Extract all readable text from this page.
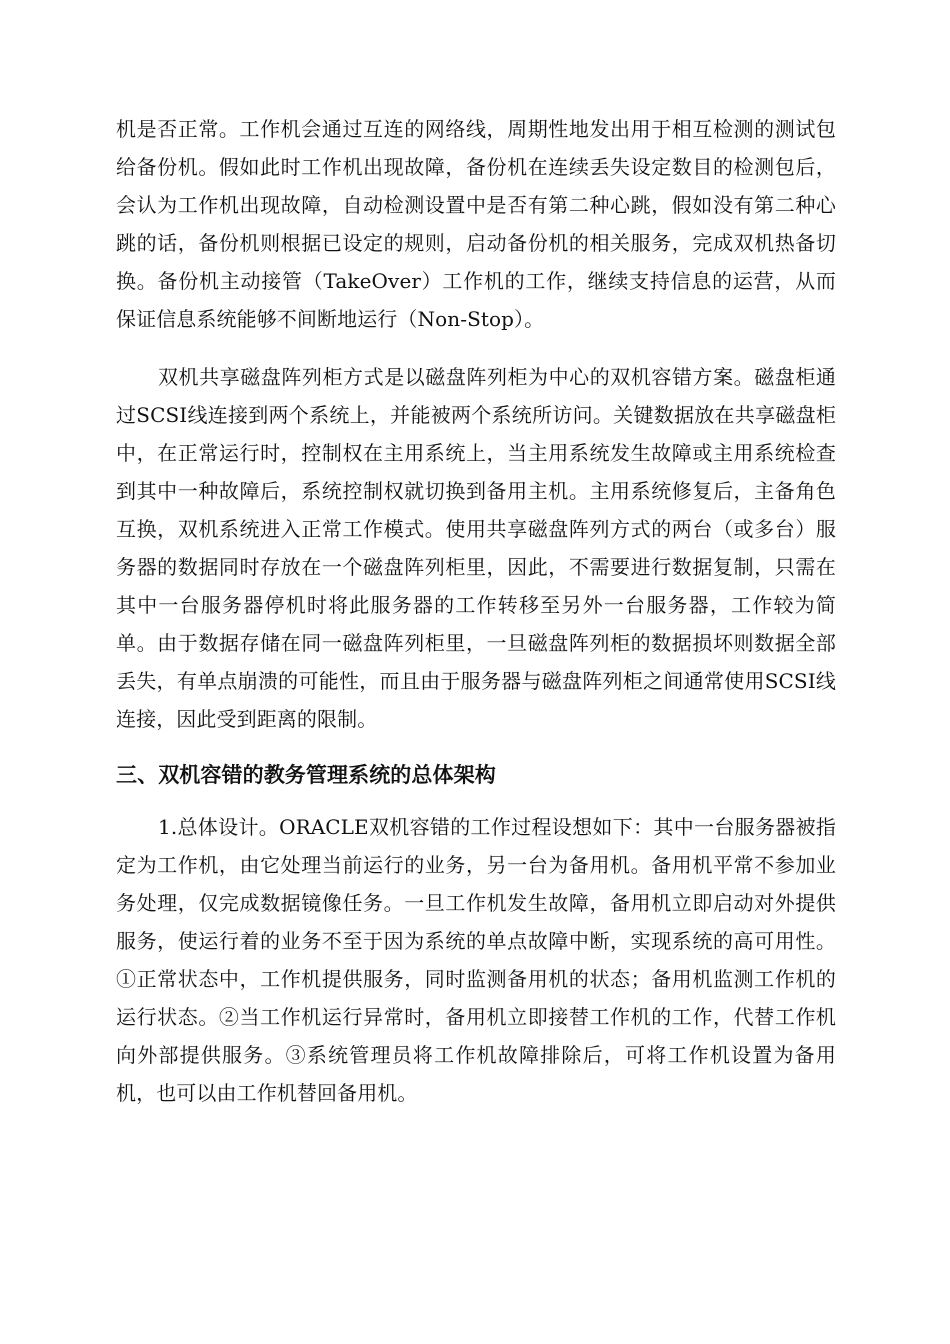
机是否正常。工作机会通过互连的网络线，周期性地发出用于相互检测的测试包给备份机。假如此时工作机出现故障，备份机在连续丢失设定数目的检测包后，会认为工作机出现故障，自动检测设置中是否有第二种心跳，假如没有第二种心跳的话，备份机则根据已设定的规则，启动备份机的相关服务，完成双机热备切换。备份机主动接管（TakeOver）工作机的工作，继续支持信息的运营，从而保证信息系统能够不间断地运行（Non-Stop）。

双机共享磁盘阵列柜方式是以磁盘阵列柜为中心的双机容错方案。磁盘柜通过SCSI线连接到两个系统上，并能被两个系统所访问。关键数据放在共享磁盘柜中，在正常运行时，控制权在主用系统上，当主用系统发生故障或主用系统检查到其中一种故障后，系统控制权就切换到备用主机。主用系统修复后，主备角色互换，双机系统进入正常工作模式。使用共享磁盘阵列方式的两台（或多台）服务器的数据同时存放在一个磁盘阵列柜里，因此，不需要进行数据复制，只需在其中一台服务器停机时将此服务器的工作转移至另外一台服务器，工作较为简单。由于数据存储在同一磁盘阵列柜里，一旦磁盘阵列柜的数据损坏则数据全部丢失，有单点崩溃的可能性，而且由于服务器与磁盘阵列柜之间通常使用SCSI线连接，因此受到距离的限制。

三、双机容错的教务管理系统的总体架构

1.总体设计。ORACLE双机容错的工作过程设想如下：其中一台服务器被指定为工作机，由它处理当前运行的业务，另一台为备用机。备用机平常不参加业务处理，仅完成数据镜像任务。一旦工作机发生故障，备用机立即启动对外提供服务，使运行着的业务不至于因为系统的单点故障中断，实现系统的高可用性。①正常状态中，工作机提供服务，同时监测备用机的状态；备用机监测工作机的运行状态。②当工作机运行异常时，备用机立即接替工作机的工作，代替工作机向外部提供服务。③系统管理员将工作机故障排除后，可将工作机设置为备用机，也可以由工作机替回备用机。
